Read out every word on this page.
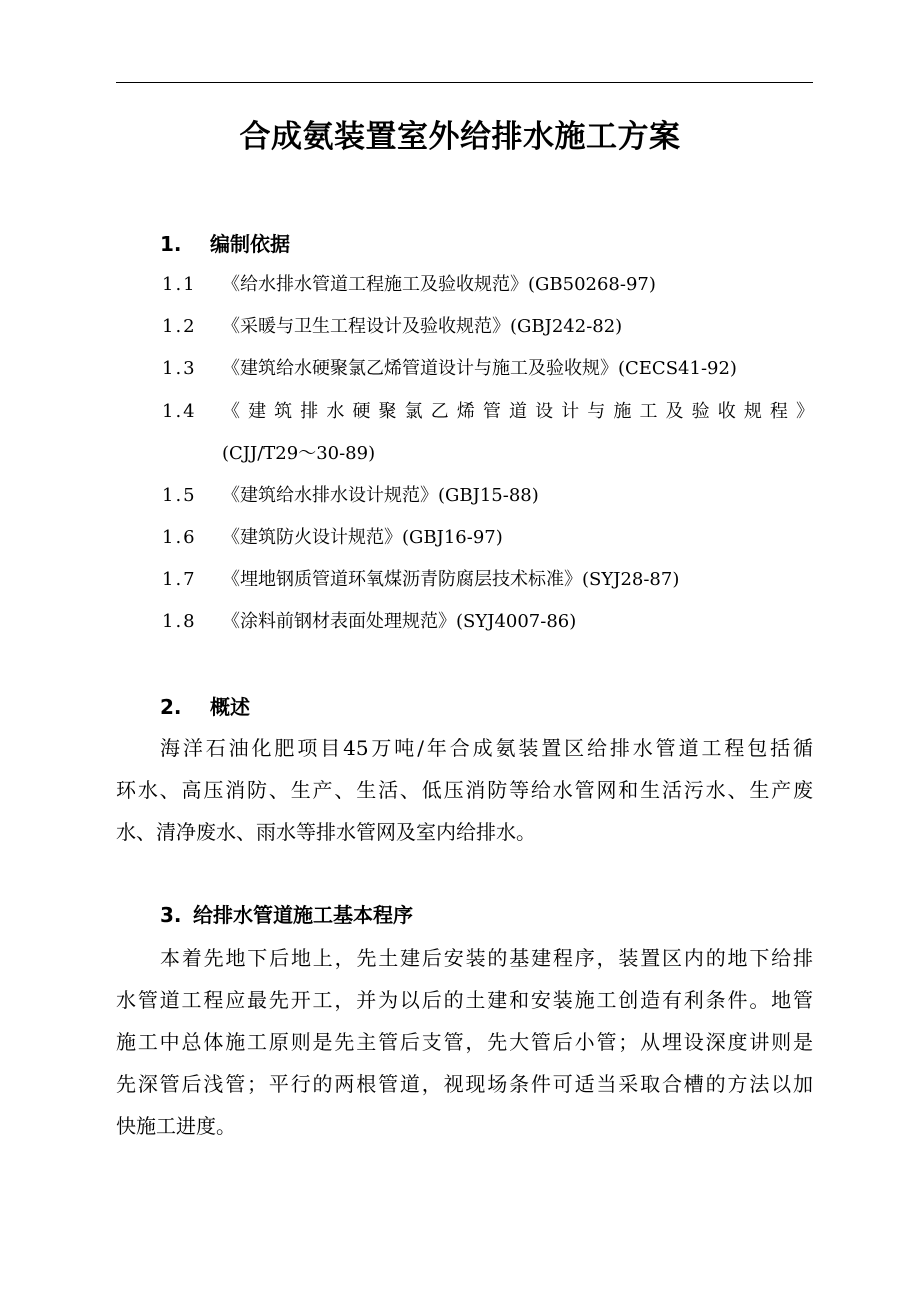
合成氨装置室外给排水施工方案
1. 编制依据
1.1 《给水排水管道工程施工及验收规范》(GB50268-97)
1.2 《采暖与卫生工程设计及验收规范》(GBJ242-82)
1.3 《建筑给水硬聚氯乙烯管道设计与施工及验收规》(CECS41-92)
1.4 《建筑排水硬聚氯乙烯管道设计与施工及验收规程》
(CJJ/T29～30-89)
1.5 《建筑给水排水设计规范》(GBJ15-88)
1.6 《建筑防火设计规范》(GBJ16-97)
1.7 《埋地钢质管道环氧煤沥青防腐层技术标准》(SYJ28-87)
1.8 《涂料前钢材表面处理规范》(SYJ4007-86)
2. 概述
海洋石油化肥项目45万吨/年合成氨装置区给排水管道工程包括循
环水、高压消防、生产、生活、低压消防等给水管网和生活污水、生产废
水、清净废水、雨水等排水管网及室内给排水。
3. 给排水管道施工基本程序
本着先地下后地上，先土建后安装的基建程序，装置区内的地下给排
水管道工程应最先开工，并为以后的土建和安装施工创造有利条件。地管
施工中总体施工原则是先主管后支管，先大管后小管；从埋设深度讲则是
先深管后浅管；平行的两根管道，视现场条件可适当采取合槽的方法以加
快施工进度。
